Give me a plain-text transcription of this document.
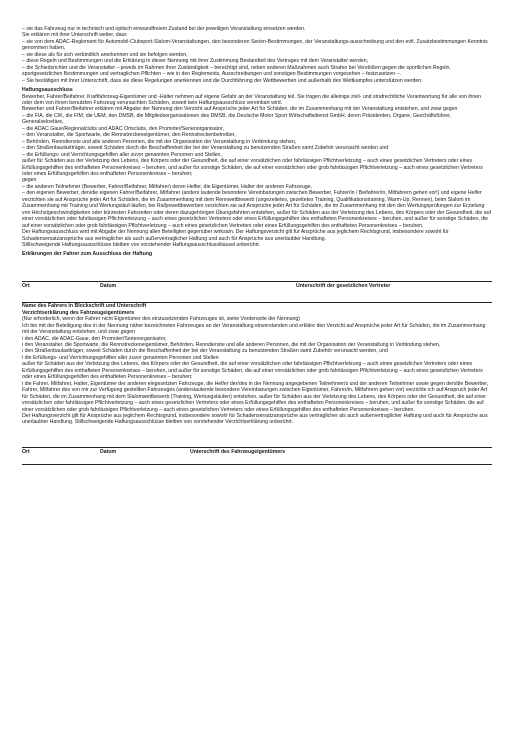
– sie das Fahrzeug nur in technisch und optisch einwandfreiem Zustand bei der jeweiligen Veranstaltung einsetzen werden.

Sie erklären mit ihrer Unterschrift weiter, dass

– sie von dem ADAC-Reglement für Automobil-Clubsport-Slalom-Veranstaltungen, den besonderen Serien-Bestimmungen, der Veranstaltungs-ausschreibung und den evtl. Zusatzbestimmungen Kenntnis genommen haben,

– sie diese als für sich verbindlich anerkennen und sie befolgen werden,

– diese Regeln und Bestimmungen und die Erklärung in dieser Nennung mit ihrer Zustimmung Bestandteil des Vertrages mit dem Veranstalter werden,

– die Schiedsrichter und die Veranstalter – jeweils im Rahmen ihrer Zuständigkeit – berechtigt sind, neben anderen Maßnahmen auch Strafen bei Verstößen gegen die sportlichen Regeln, sportgesetzlichen Bestimmungen und vertraglichen Pflichten – wie in den Reglements, Ausschreibungen und sonstigen Bestimmungen vorgesehen – festzusetzen –.

– Sie bestätigen mit ihrer Unterschrift, dass sie diese Regelungen anerkennen und die Durchführung der Wettbewerben und außerhalb des Wettkampfes unterstützen werden.

Haftungsausschluss

Bewerber, Fahrer/Beifahrer, Kraftfahrzeug-Eigentümer und -Halter nehmen auf eigene Gefahr an der Veranstaltung teil. Sie tragen die alleinige zivil- und strafrechtliche Verantwortung für alle von ihnen oder dem von ihnen benutzten Fahrzeug verursachten Schäden, soweit kein Haftungsausschluss vereinbart wird.

Bewerber und Fahrer/Beifahrer erklären mit Abgabe der Nennung den Verzicht auf Ansprüche jeder Art für Schäden, die im Zusammenhang mit der Veranstaltung entstehen, und zwar gegen

– die FIA, die CIK, die FIM, die UEM, den DMSB, die Mitgliedsorganisationen des DMSB, die Deutsche Motor Sport Wirtschaftsdienst GmbH, deren Präsidenten, Organe, Geschäftsführer, Generalsekretäre,

– die ADAC Gaue/Regionalclubs und ADAC Ortsclubs, den Promoter/Serienorganisator,

– den Veranstalter, die Sportwarte, die Rennstreckeneigentümer, den Rennstreckenbetreiber,

– Behörden, Renndienste und alle anderen Personen, die mit der Organisation der Veranstaltung in Verbindung stehen,

– den Straßenbaulastträger, soweit Schäden durch die Beschaffenheit der bei der Veranstaltung zu benutzenden Straßen samt Zubehör verursacht werden und

– die Erfüllungs- und Verrichtungsgehilfen aller zuvor genannten Personen und Stellen,

außer für Schäden aus der Verletzung des Lebens, des Körpers oder der Gesundheit, die auf einer vorsätzlichen oder fahrlässigen Pflichtverletzung – auch eines gesetzlichen Vertreters oder eines Erfüllungsgehilfen des enthafteten Personenkreises – beruhen, und außer für sonstige Schäden, die auf einer vorsätzlichen oder grob fahrlässigen Pflichtverletzung – auch eines gesetzlichen Vertreters oder eines Erfüllungsgehilfen des enthafteten Personenkreises – beruhen;

gegen

– die anderen Teilnehmer (Bewerber, Fahrer/Beifahrer, Mitfahrer) deren Helfer, die Eigentümer, Halter der anderen Fahrzeuge,

– den eigenen Bewerber, den/die eigenen Fahrer/Beifahrer, Mitfahrer (anders lautende besondere Vereinbarungen zwischen Bewerber, Fahrer/in / Beifahrer/in, Mitfahrern gehen vor!) und eigene Helfer

verzichten sie auf Ansprüche jeder Art für Schäden, die im Zusammenhang mit dem Rennwettbewerb (ungezeitetes, gezeitetes Training, Qualifikationstraining, Warm-Up, Rennen), beim Slalom im Zusammenhang mit Training und Wertungsläuf-läufen, bei Rallyewettbewerben verzichten sie auf Ansprüche jeder Art für Schäden, die im Zusammenhang mit den den Wertungsprüfungen zur Erzielung von Höchstgeschwindigkeiten oder kürzesten Fahrzeiten oder deren dazugehörigen Übungsfahrten entstehen, außer für Schäden aus der Verletzung des Lebens, des Körpers oder der Gesundheit, die auf einer vorsätzlichen oder fahrlässigen Pflichtverletzung – auch eines gesetzlichen Vertreters oder eines Erfüllungsgehilfen des enthafteten Personenkreises – beruhen, und außer für sonstige Schäden, die auf einer vorsätzlichen oder grob fahrlässigen Pflichtverletzung – auch eines gesetzlichen Vertreters oder eines Erfüllungsgehilfen des enthafteten Personenkreises – beruhen.

Der Haftungsausschluss wird mit Abgabe der Nennung allen Beteiligten gegenüber wirksam. Der Haftungsverzicht gilt für Ansprüche aus jeglichem Rechtsgrund, insbesondere sowohl für Schadensersatzansprüche aus vertraglicher als auch außervertraglicher Haftung und auch für Ansprüche aus unerlaubter Handlung.

Stillschweigende Haftungsausschlüsse bleiben von vorstehender Haftungsausschlussklausel unberührt.

Erklärungen der Fahrer zum Ausschluss der Haftung

Ort	Datum	Unterschrift der gesetzlichen Vertreter

Name des Fahrers in Blockschrift und Unterschrift

Verzichtserklärung des Fahrzeugeigentümers

(Nur erforderlich, wenn der Fahrer nicht Eigentümer des einzusetzenden Fahrzeuges ist, siehe Vorderseite der Nennung)

Ich bin mit der Beteiligung des in der Nennung näher bezeichneten Fahrzeuges an der Veranstaltung einverstanden und erkläre den Verzicht auf Ansprüche jeder Art für Schäden, die im Zusammenhang mit der Veranstaltung entstehen, und zwar gegen

i den ADAC, die ADAC-Gaue, den Promoter/Serienorganisator,

i den Veranstalter, die Sportwarte, die Rennstreckeneigentümer, Behörden, Renndienste und alle anderen Personen, die mit der Organisation der Veranstaltung in Verbindung stehen,

i den Straßenbaulastträger, soweit Schäden durch die Beschaffenheit der bei der Veranstaltung zu benutzenden Straßen samt Zubehör verursacht werden, und

i die Erfüllungs- und Verrichtungsgehilfen aller zuvor genannten Personen und Stellen

außer für Schäden aus der Verletzung des Lebens, des Körpers oder der Gesundheit, die auf einer vorsätzlichen oder fahrlässigen Pflichtverletzung – auch eines gesetzlichen Vertreters oder eines Erfüllungsgehilfen des enthafteten Personenkreises – beruhen, und außer für sonstige Schäden, die auf einer vorsätzlichen oder grob fahrlässigen Pflichtverletzung – auch eines gesetzlichen Vertreters oder eines Erfüllungsgehilfen des enthafteten Personenkreises – beruhen;

i die Fahrer, Mitfahrer, Halter, Eigentümer der anderen eingesetzten Fahrzeuge, die Helfer der/des in der Nennung angegebenen Teilnehmer/s und der anderen Teilnehmer sowie gegen den/die Bewerber, Fahrer, Mitfahrer des von mir zur Verfügung gestellten Fahrzeuges (anderslautende besondere Vereinbarungen zwischen Eigentümer, Fahrer/in, Mitfahrern gehen vor) verzichte ich auf Anspruch jeder Art für Schäden, die im Zusammenhang mit dem Slalomwettbewerb (Training, Wertungsläufen) entstehen, außer für Schäden aus der Verletzung des Lebens, des Körpers oder der Gesundheit, die auf einer vorsätzlichen oder fahrlässigen Pflichtverletzung – auch eines gesetzlichen Vertreters oder eines Erfüllungsgehilfen des enthafteten Personenkreises – beruhen, und außer für sonstige Schäden, die auf einer vorsätzlichen oder grob fahrlässigen Pflichtverletzung – auch eines gesetzlichen Vertreters oder eines Erfüllungsgehilfen des enthafteten Personenkreises – beruhen.

Der Haftungsverzicht gilt für Ansprüche aus jeglichem Rechtsgrund, insbesondere sowohl für Schadensersatzansprüche aus vertraglicher als auch außervertraglicher Haftung und auch für Ansprüche aus unerlaubter Handlung. Stillschweigende Haftungsausschlüsse bleiben von vorstehender Verzichtserklärung unberührt.

Ort	Datum	Unterschrift des Fahrzeugeigentümers
